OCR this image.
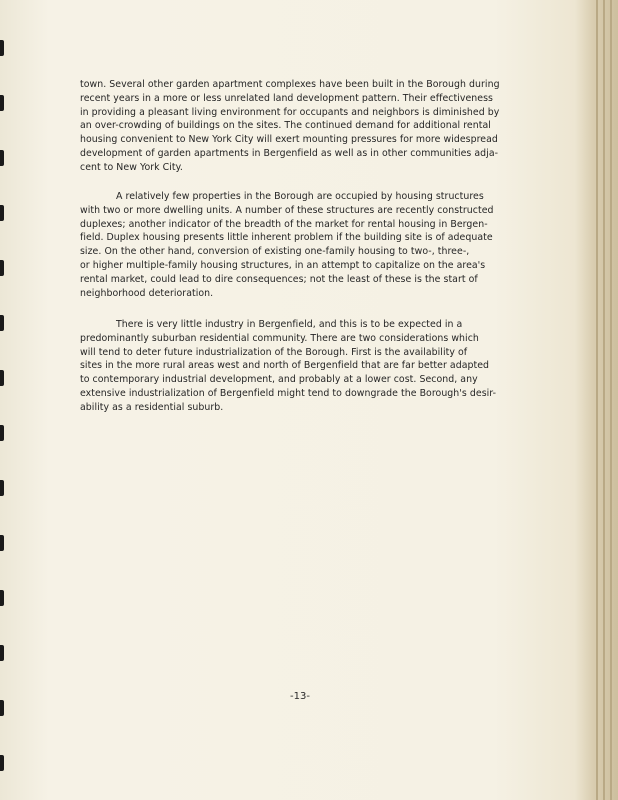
town. Several other garden apartment complexes have been built in the Borough during
recent years in a more or less unrelated land development pattern. Their effectiveness
in providing a pleasant living environment for occupants and neighbors is diminished by
an over-crowding of buildings on the sites. The continued demand for additional rental
housing convenient to New York City will exert mounting pressures for more widespread
development of garden apartments in Bergenfield as well as in other communities adja-
cent to New York City.
A relatively few properties in the Borough are occupied by housing structures
with two or more dwelling units. A number of these structures are recently constructed
duplexes; another indicator of the breadth of the market for rental housing in Bergen-
field. Duplex housing presents little inherent problem if the building site is of adequate
size. On the other hand, conversion of existing one-family housing to two-, three-,
or higher multiple-family housing structures, in an attempt to capitalize on the area's
rental market, could lead to dire consequences; not the least of these is the start of
neighborhood deterioration.
There is very little industry in Bergenfield, and this is to be expected in a
predominantly suburban residential community. There are two considerations which
will tend to deter future industrialization of the Borough. First is the availability of
sites in the more rural areas west and north of Bergenfield that are far better adapted
to contemporary industrial development, and probably at a lower cost. Second, any
extensive industrialization of Bergenfield might tend to downgrade the Borough's desir-
ability as a residential suburb.
-13-
